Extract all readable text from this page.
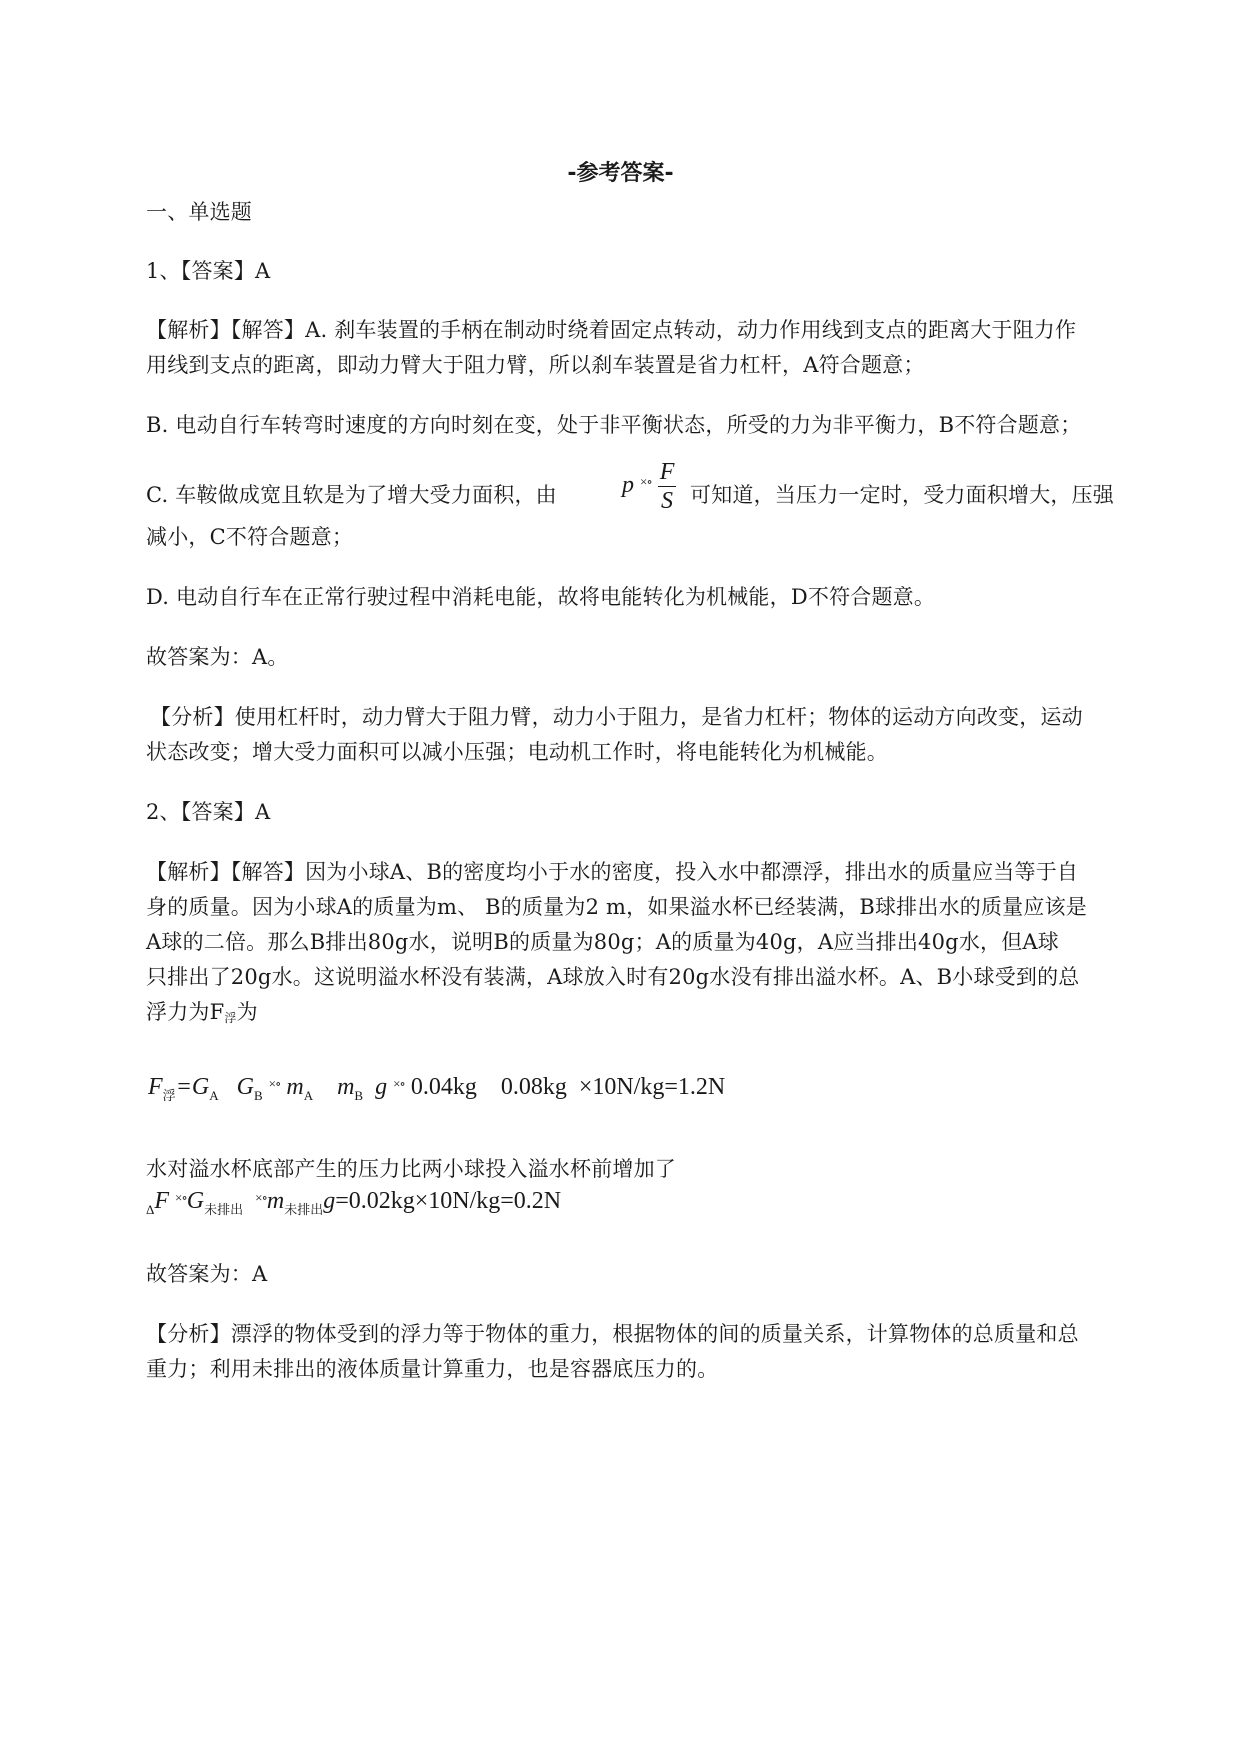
-参考答案-
一、单选题
1、【答案】A
【解析】【解答】A. 刹车装置的手柄在制动时绕着固定点转动，动力作用线到支点的距离大于阻力作
用线到支点的距离，即动力臂大于阻力臂，所以刹车装置是省力杠杆，A符合题意；
B. 电动自行车转弯时速度的方向时刻在变，处于非平衡状态，所受的力为非平衡力，B不符合题意；
C. 车鞍做成宽且软是为了增大受力面积，由	p $^{\times\circ} \frac{F}{S}$ 可知道，当压力一定时，受力面积增大，压强
减小，C不符合题意；
D. 电动自行车在正常行驶过程中消耗电能，故将电能转化为机械能，D不符合题意。
故答案为：A。
【分析】使用杠杆时，动力臂大于阻力臂，动力小于阻力，是省力杠杆；物体的运动方向改变，运动
状态改变；增大受力面积可以减小压强；电动机工作时，将电能转化为机械能。
2、【答案】A
【解析】【解答】因为小球A、B的密度均小于水的密度，投入水中都漂浮，排出水的质量应当等于自
身的质量。因为小球A的质量为m、 B的质量为2 m，如果溢水杯已经装满，B球排出水的质量应该是
A球的二倍。那么B排出80g水，说明B的质量为80g；A的质量为40g，A应当排出40g水，但A球
只排出了20g水。这说明溢水杯没有装满，A球放入时有20g水没有排出溢水杯。A、B小球受到的总
浮力为$F_浮$为
$F_浮=G_A$ $G_B$ ×∘ $m_A$ $m_B$ g ×∘ 0.04kg 0.08kg ×10N/kg=1.2N
水对溢水杯底部产生的压力比两小球投入溢水杯前增加了
$_\Delta$F $^{\times\circ}G_{未排出}$  $^{\times\circ}m_{未排出}g=0.02kg\times 10N/kg=0.2N$
故答案为：A
【分析】漂浮的物体受到的浮力等于物体的重力，根据物体的间的质量关系，计算物体的总质量和总
重力；利用未排出的液体质量计算重力，也是容器底压力的。
